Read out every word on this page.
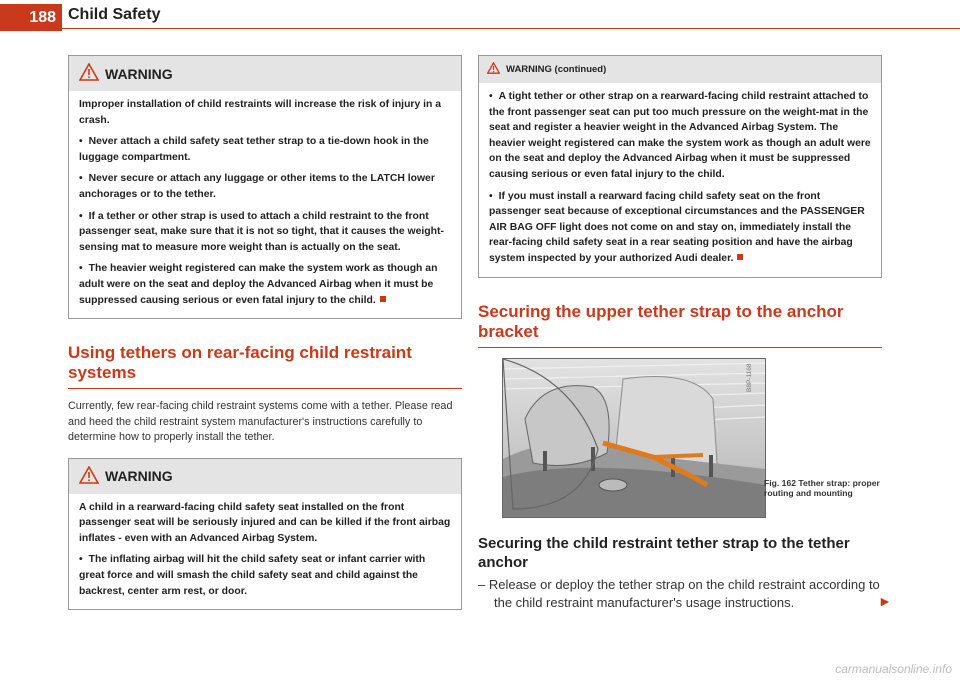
188 Child Safety
WARNING

Improper installation of child restraints will increase the risk of injury in a crash.

• Never attach a child safety seat tether strap to a tie-down hook in the luggage compartment.

• Never secure or attach any luggage or other items to the LATCH lower anchorages or to the tether.

• If a tether or other strap is used to attach a child restraint to the front passenger seat, make sure that it is not so tight, that it causes the weight-sensing mat to measure more weight than is actually on the seat.

• The heavier weight registered can make the system work as though an adult were on the seat and deploy the Advanced Airbag when it must be suppressed causing serious or even fatal injury to the child.

Using tethers on rear-facing child restraint systems

Currently, few rear-facing child restraint systems come with a tether. Please read and heed the child restraint system manufacturer's instructions carefully to determine how to properly install the tether.

WARNING

A child in a rearward-facing child safety seat installed on the front passenger seat will be seriously injured and can be killed if the front airbag inflates - even with an Advanced Airbag System.

• The inflating airbag will hit the child safety seat or infant carrier with great force and will smash the child safety seat and child against the backrest, center arm rest, or door.

WARNING (continued)

• A tight tether or other strap on a rearward-facing child restraint attached to the front passenger seat can put too much pressure on the weight-mat in the seat and register a heavier weight in the Advanced Airbag System. The heavier weight registered can make the system work as though an adult were on the seat and deploy the Advanced Airbag when it must be suppressed causing serious or even fatal injury to the child.

• If you must install a rearward facing child safety seat on the front passenger seat because of exceptional circumstances and the PASSENGER AIR BAG OFF light does not come on and stay on, immediately install the rear-facing child safety seat in a rear seating position and have the airbag system inspected by your authorized Audi dealer.

Securing the upper tether strap to the anchor bracket
B8P-1168
Fig. 162 Tether strap: proper routing and mounting
Securing the child restraint tether strap to the tether anchor

– Release or deploy the tether strap on the child restraint according to the child restraint manufacturer's usage instructions.	►

carmanualsonline.info
